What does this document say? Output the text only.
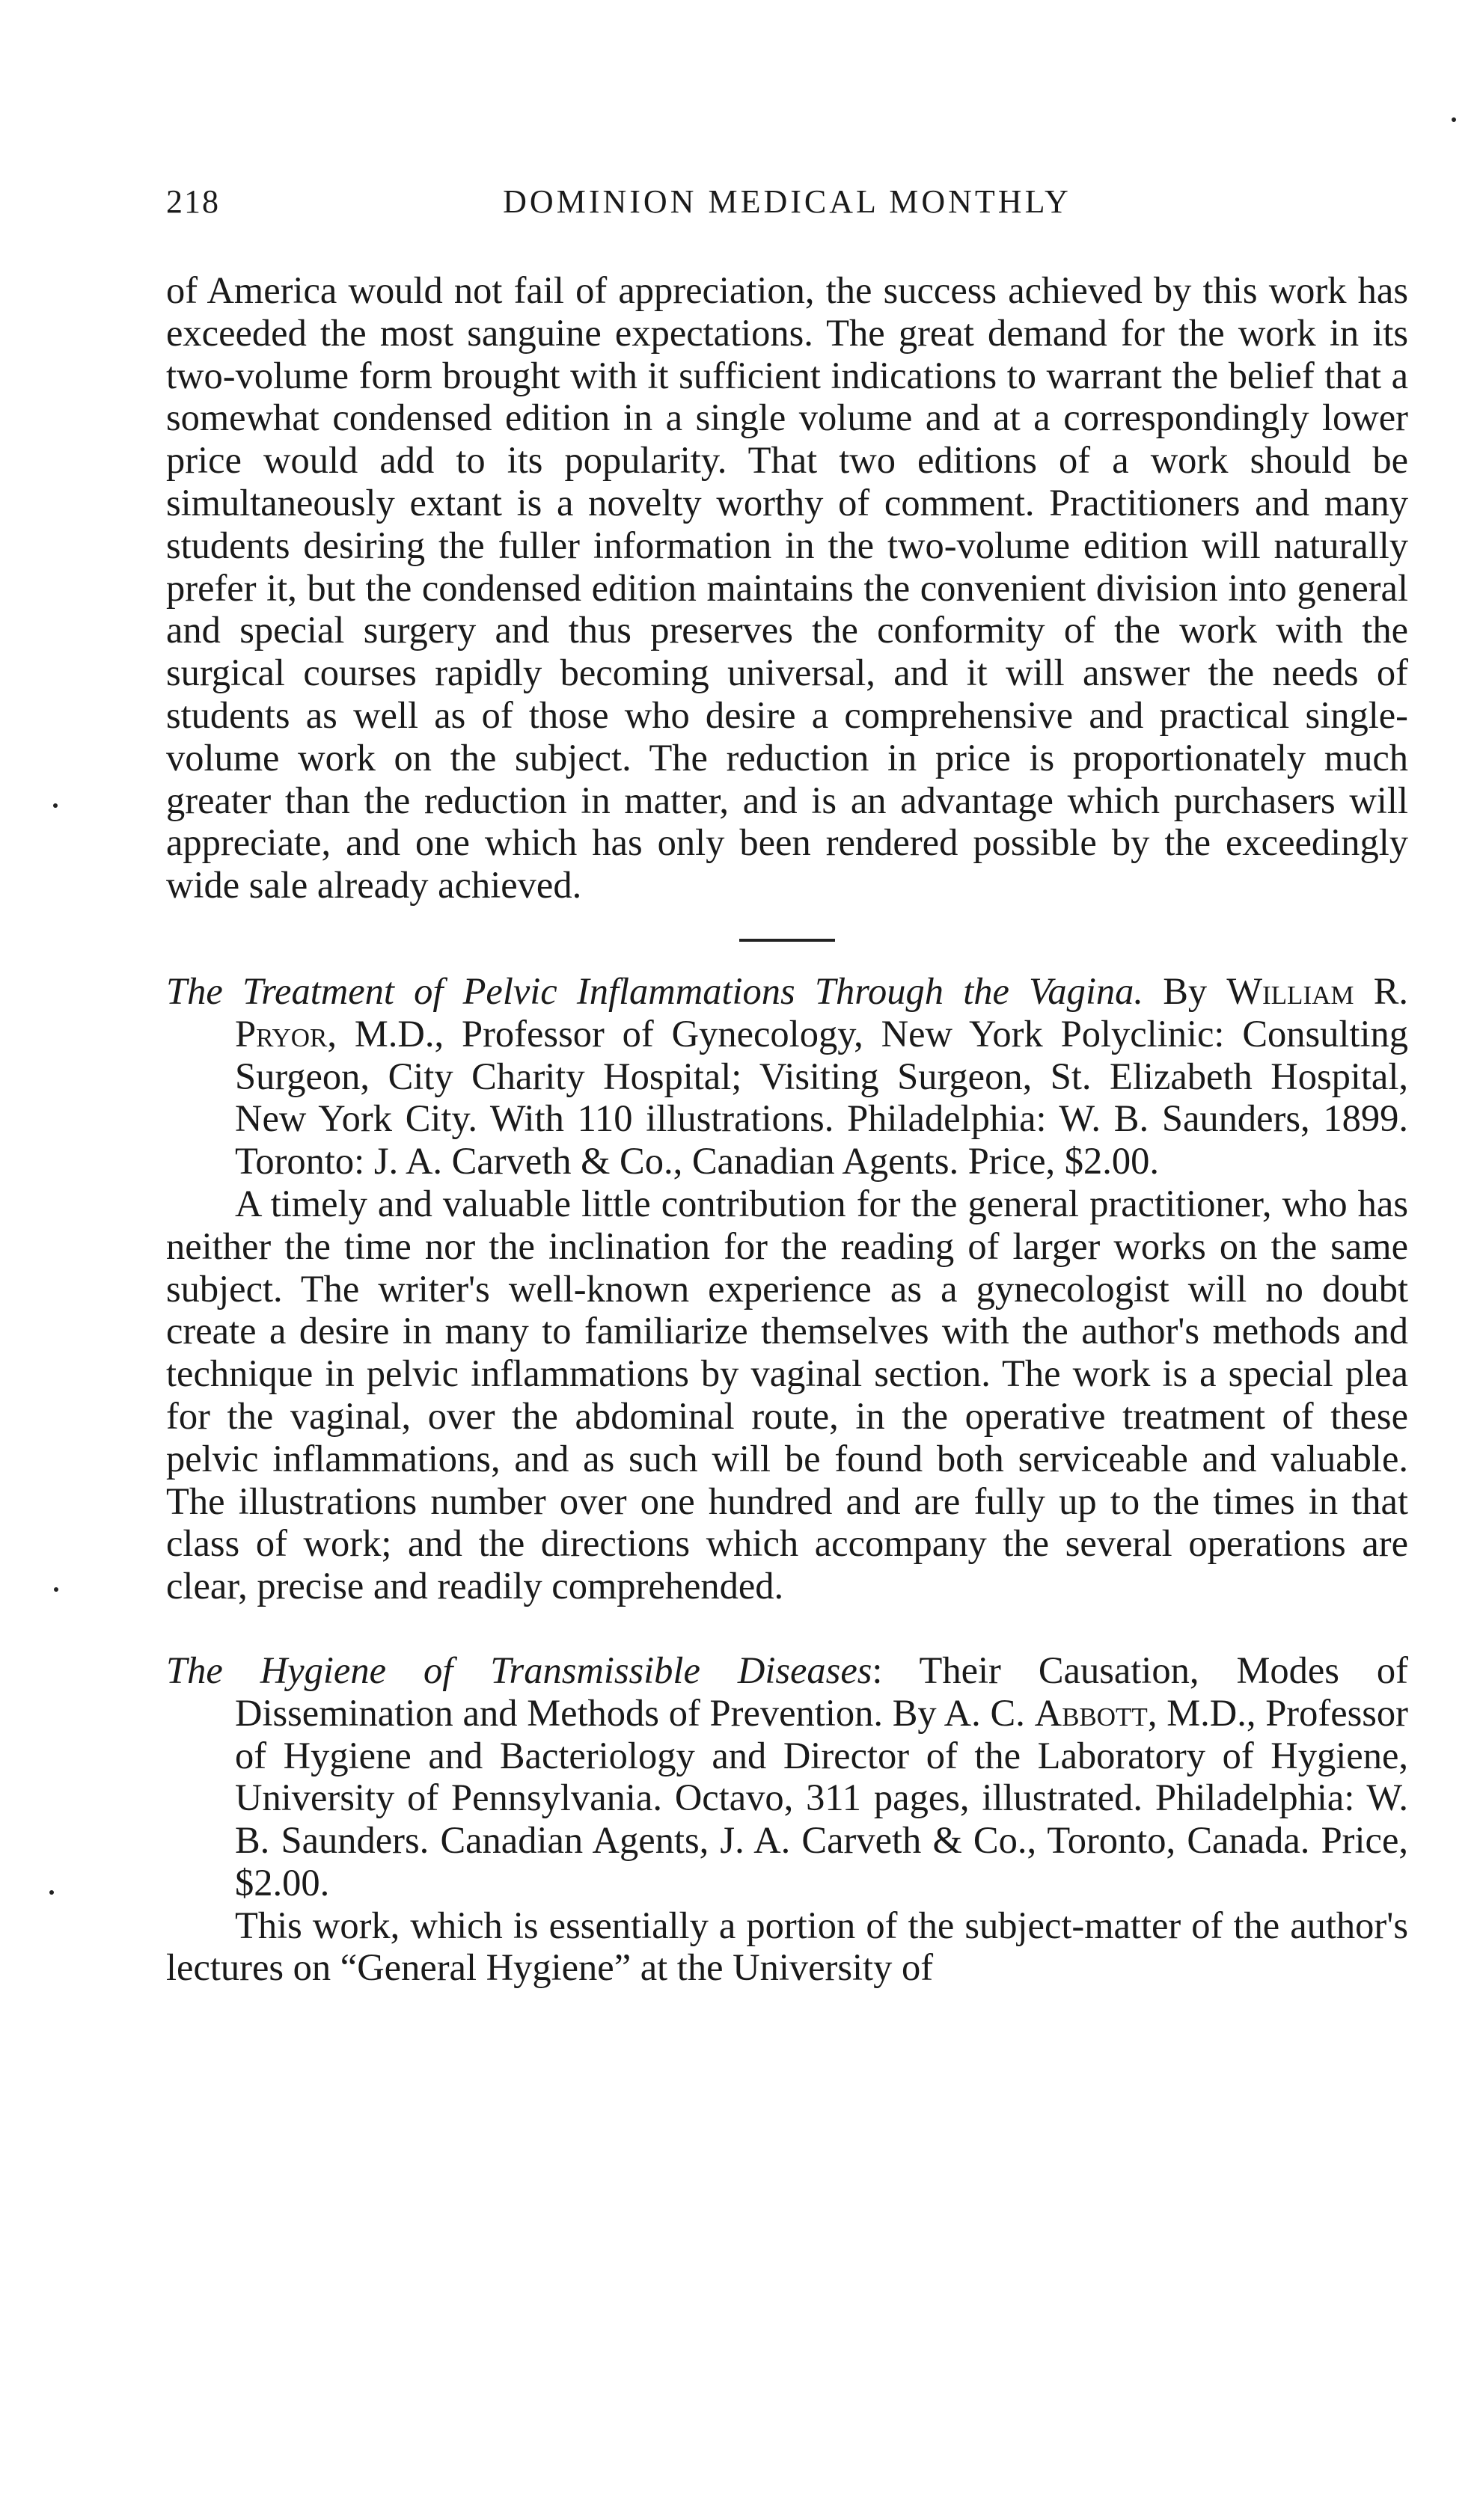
218	DOMINION MEDICAL MONTHLY

of America would not fail of appreciation, the success achieved by this work has exceeded the most sanguine expectations. The great demand for the work in its two-volume form brought with it sufficient indications to warrant the belief that a somewhat condensed edition in a single volume and at a correspondingly lower price would add to its popularity. That two editions of a work should be simultaneously extant is a novelty worthy of comment. Practitioners and many students desiring the fuller information in the two-volume edition will naturally prefer it, but the condensed edition maintains the convenient division into general and special surgery and thus preserves the conformity of the work with the surgical courses rapidly becoming universal, and it will answer the needs of students as well as of those who desire a comprehensive and practical single-volume work on the subject. The reduction in price is proportionately much greater than the reduction in matter, and is an advantage which purchasers will appreciate, and one which has only been rendered possible by the exceedingly wide sale already achieved.

The Treatment of Pelvic Inflammations Through the Vagina. By William R. Pryor, M.D., Professor of Gynecology, New York Polyclinic: Consulting Surgeon, City Charity Hospital; Visiting Surgeon, St. Elizabeth Hospital, New York City. With 110 illustrations. Philadelphia: W. B. Saunders, 1899. Toronto: J. A. Carveth & Co., Canadian Agents. Price, $2.00.

A timely and valuable little contribution for the general practitioner, who has neither the time nor the inclination for the reading of larger works on the same subject. The writer's well-known experience as a gynecologist will no doubt create a desire in many to familiarize themselves with the author's methods and technique in pelvic inflammations by vaginal section. The work is a special plea for the vaginal, over the abdominal route, in the operative treatment of these pelvic inflammations, and as such will be found both serviceable and valuable. The illustrations number over one hundred and are fully up to the times in that class of work; and the directions which accompany the several operations are clear, precise and readily comprehended.

The Hygiene of Transmissible Diseases: Their Causation, Modes of Dissemination and Methods of Prevention. By A. C. Abbott, M.D., Professor of Hygiene and Bacteriology and Director of the Laboratory of Hygiene, University of Pennsylvania. Octavo, 311 pages, illustrated. Philadelphia: W. B. Saunders. Canadian Agents, J. A. Carveth & Co., Toronto, Canada. Price, $2.00.

This work, which is essentially a portion of the subject-matter of the author's lectures on “General Hygiene” at the University of
